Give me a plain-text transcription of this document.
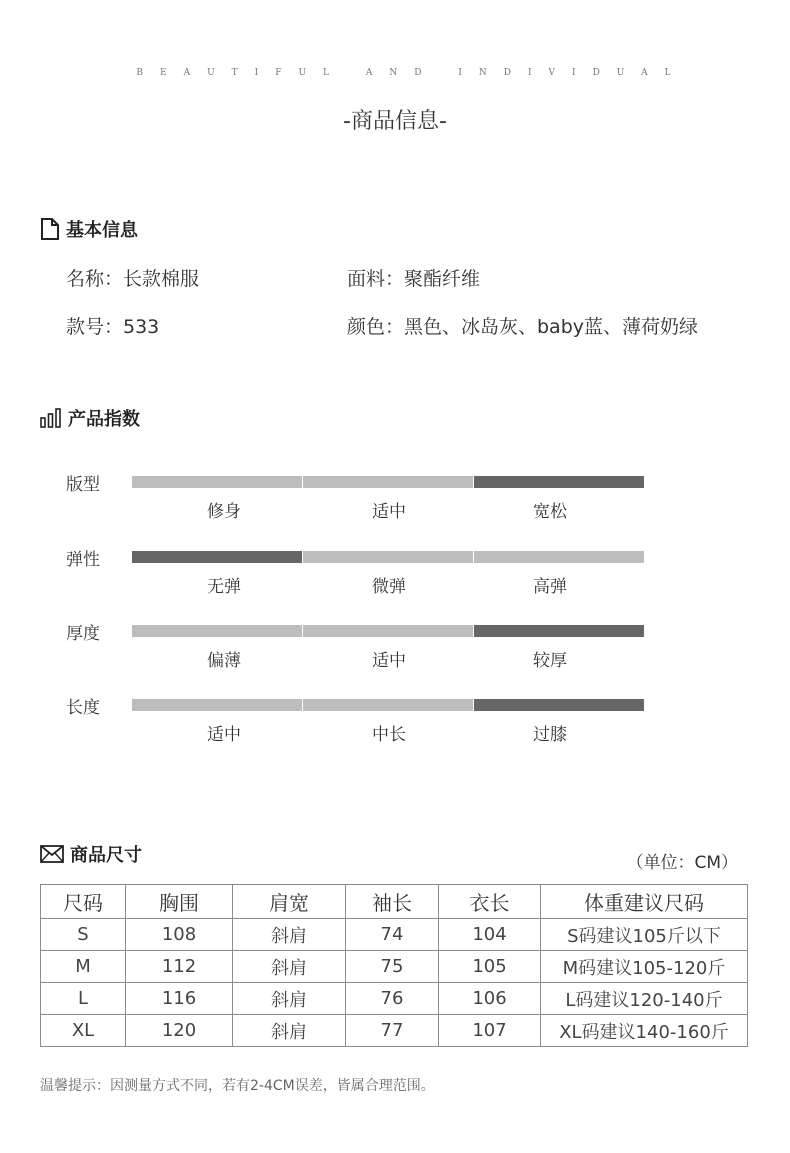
BEAUTIFUL AND INDIVIDUAL
-商品信息-
基本信息
名称：长款棉服	面料：聚酯纤维
款号：533	颜色：黑色、冰岛灰、baby蓝、薄荷奶绿
产品指数
版型
修身	适中	宽松
弹性
无弹	微弹	高弹
厚度
偏薄	适中	较厚
长度
适中	中长	过膝
商品尺寸	（单位：CM）
尺码	胸围	肩宽	袖长	衣长	体重建议尺码
S	108	斜肩	74	104	S码建议105斤以下
M	112	斜肩	75	105	M码建议105-120斤
L	116	斜肩	76	106	L码建议120-140斤
XL	120	斜肩	77	107	XL码建议140-160斤
温馨提示：因测量方式不同，若有2-4CM误差，皆属合理范围。
